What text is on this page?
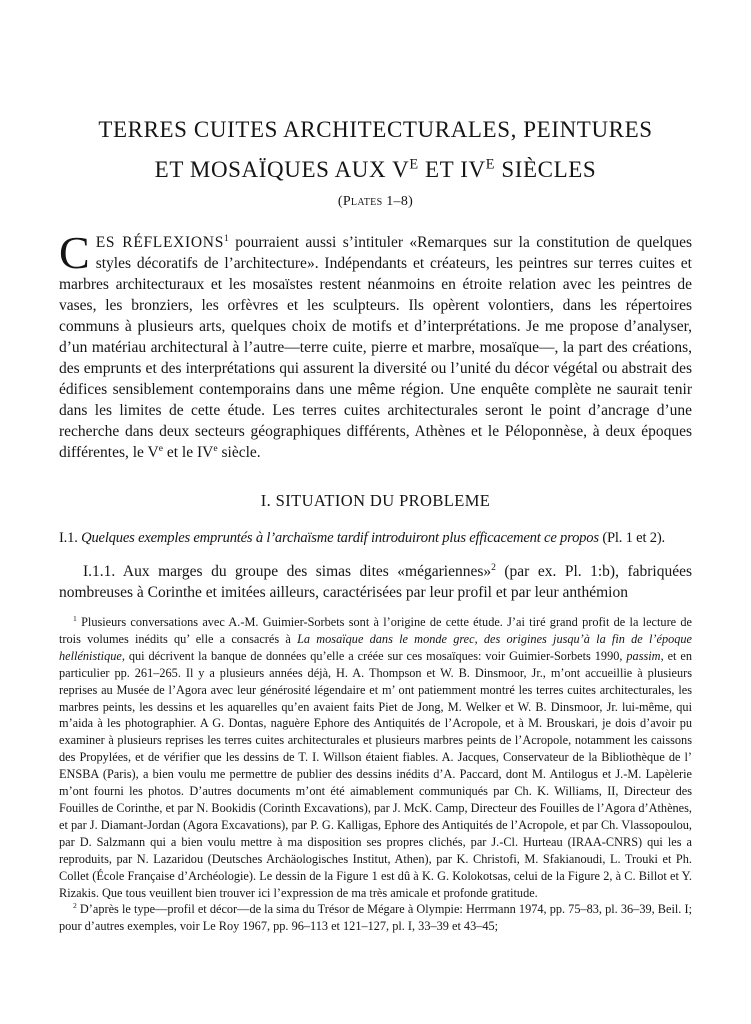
TERRES CUITES ARCHITECTURALES, PEINTURES
ET MOSAÏQUES AUX $V^E$ ET $IV^E$ SIÈCLES
(Plates 1–8)
CES RÉFLEXIONS$^1$ pourraient aussi s’intituler «Remarques sur la constitution de quelques styles décoratifs de l’architecture». Indépendants et créateurs, les peintres sur terres cuites et marbres architecturaux et les mosaïstes restent néanmoins en étroite relation avec les peintres de vases, les bronziers, les orfèvres et les sculpteurs. Ils opèrent volontiers, dans les répertoires communs à plusieurs arts, quelques choix de motifs et d’interprétations. Je me propose d’analyser, d’un matériau architectural à l’autre—terre cuite, pierre et marbre, mosaïque—, la part des créations, des emprunts et des interprétations qui assurent la diversité ou l’unité du décor végétal ou abstrait des édifices sensiblement contemporains dans une même région. Une enquête complète ne saurait tenir dans les limites de cette étude. Les terres cuites architecturales seront le point d’ancrage d’une recherche dans deux secteurs géographiques différents, Athènes et le Péloponnèse, à deux époques différentes, le Ve et le IVe siècle.
I. SITUATION DU PROBLEME
I.1. Quelques exemples empruntés à l’archaïsme tardif introduiront plus efficacement ce propos (Pl. 1 et 2).
I.1.1. Aux marges du groupe des simas dites «mégariennes»$^2$ (par ex. Pl. 1:b), fabriquées nombreuses à Corinthe et imitées ailleurs, caractérisées par leur profil et par leur anthémion

$^1$ Plusieurs conversations avec A.-M. Guimier-Sorbets sont à l’origine de cette étude. J’ai tiré grand profit de la lecture de trois volumes inédits qu’ elle a consacrés à La mosaïque dans le monde grec, des origines jusqu’à la fin de l’époque hellénistique, qui décrivent la banque de données qu’elle a créée sur ces mosaïques: voir Guimier-Sorbets 1990, passim, et en particulier pp. 261–265. Il y a plusieurs années déjà, H. A. Thompson et W. B. Dinsmoor, Jr., m’ont accueillie à plusieurs reprises au Musée de l’Agora avec leur générosité légendaire et m’ ont patiemment montré les terres cuites architecturales, les marbres peints, les dessins et les aquarelles qu’en avaient faits Piet de Jong, M. Welker et W. B. Dinsmoor, Jr. lui-même, qui m’aida à les photographier. A G. Dontas, naguère Ephore des Antiquités de l’Acropole, et à M. Brouskari, je dois d’avoir pu examiner à plusieurs reprises les terres cuites architecturales et plusieurs marbres peints de l’Acropole, notamment les caissons des Propylées, et de vérifier que les dessins de T. I. Willson étaient fiables. A. Jacques, Conservateur de la Bibliothèque de l’ ENSBA (Paris), a bien voulu me permettre de publier des dessins inédits d’A. Paccard, dont M. Antilogus et J.-M. Lapèlerie m’ont fourni les photos. D’autres documents m’ont été aimablement communiqués par Ch. K. Williams, II, Directeur des Fouilles de Corinthe, et par N. Bookidis (Corinth Excavations), par J. McK. Camp, Directeur des Fouilles de l’Agora d’Athènes, et par J. Diamant-Jordan (Agora Excavations), par P. G. Kalligas, Ephore des Antiquités de l’Acropole, et par Ch. Vlassopoulou, par D. Salzmann qui a bien voulu mettre à ma disposition ses propres clichés, par J.-Cl. Hurteau (IRAA-CNRS) qui les a reproduits, par N. Lazaridou (Deutsches Archäologisches Institut, Athen), par K. Christofi, M. Sfakianoudi, L. Trouki et Ph. Collet (École Française d’Archéologie). Le dessin de la Figure 1 est dû à K. G. Kolokotsas, celui de la Figure 2, à C. Billot et Y. Rizakis. Que tous veuillent bien trouver ici l’expression de ma très amicale et profonde gratitude.

$^2$ D’après le type—profil et décor—de la sima du Trésor de Mégare à Olympie: Herrmann 1974, pp. 75–83, pl. 36–39, Beil. I; pour d’autres exemples, voir Le Roy 1967, pp. 96–113 et 121–127, pl. I, 33–39 et 43–45;
